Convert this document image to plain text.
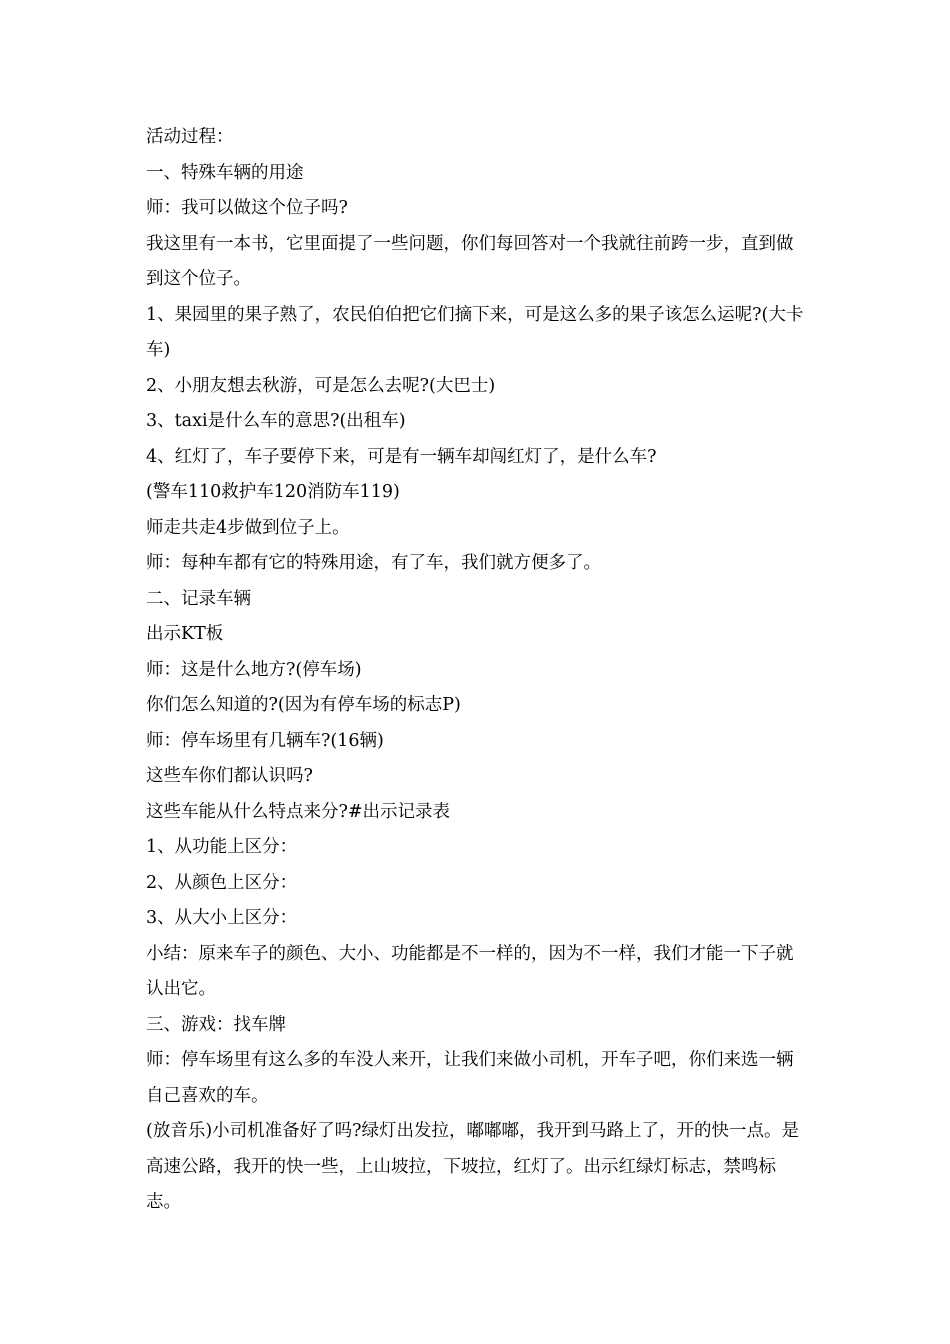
活动过程：

一、特殊车辆的用途

师：我可以做这个位子吗?

我这里有一本书，它里面提了一些问题，你们每回答对一个我就往前跨一步，直到做到这个位子。

1、果园里的果子熟了，农民伯伯把它们摘下来，可是这么多的果子该怎么运呢?(大卡车)

2、小朋友想去秋游，可是怎么去呢?(大巴士)

3、taxi是什么车的意思?(出租车)

4、红灯了，车子要停下来，可是有一辆车却闯红灯了，是什么车?

(警车110救护车120消防车119)

师走共走4步做到位子上。

师：每种车都有它的特殊用途，有了车，我们就方便多了。

二、记录车辆

出示KT板

师：这是什么地方?(停车场)

你们怎么知道的?(因为有停车场的标志P)

师：停车场里有几辆车?(16辆)

这些车你们都认识吗?

这些车能从什么特点来分?#出示记录表

1、从功能上区分：

2、从颜色上区分：

3、从大小上区分：

小结：原来车子的颜色、大小、功能都是不一样的，因为不一样，我们才能一下子就认出它。

三、游戏：找车牌

师：停车场里有这么多的车没人来开，让我们来做小司机，开车子吧，你们来选一辆自己喜欢的车。

(放音乐)小司机准备好了吗?绿灯出发拉，嘟嘟嘟，我开到马路上了，开的快一点。是高速公路，我开的快一些，上山坡拉，下坡拉，红灯了。出示红绿灯标志，禁鸣标志。
